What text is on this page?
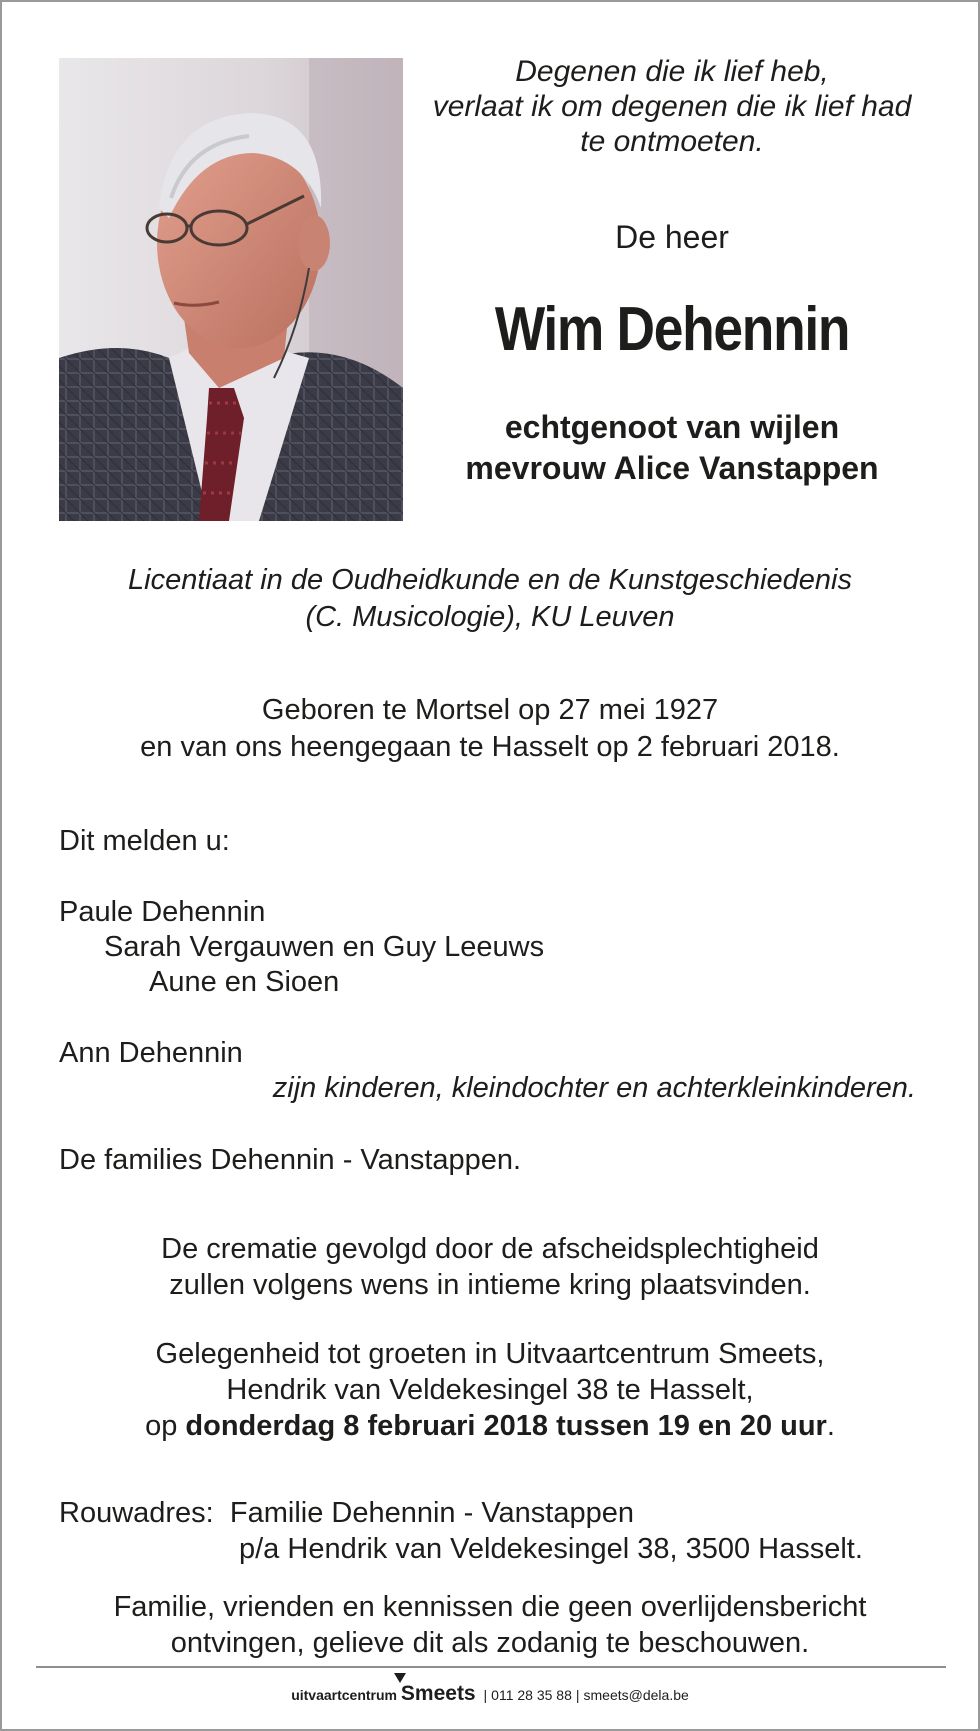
Degenen die ik lief heb,
verlaat ik om degenen die ik lief had
te ontmoeten.
De heer
Wim Dehennin
echtgenoot van wijlen
mevrouw Alice Vanstappen
Licentiaat in de Oudheidkunde en de Kunstgeschiedenis
(C. Musicologie), KU Leuven
Geboren te Mortsel op 27 mei 1927
en van ons heengegaan te Hasselt op 2 februari 2018.
Dit melden u:
Paule Dehennin
Sarah Vergauwen en Guy Leeuws
Aune en Sioen
Ann Dehennin
zijn kinderen, kleindochter en achterkleinkinderen.
De families Dehennin - Vanstappen.
De crematie gevolgd door de afscheidsplechtigheid
zullen volgens wens in intieme kring plaatsvinden.
Gelegenheid tot groeten in Uitvaartcentrum Smeets,
Hendrik van Veldekesingel 38 te Hasselt,
op donderdag 8 februari 2018 tussen 19 en 20 uur.
Rouwadres: Familie Dehennin - Vanstappen
p/a Hendrik van Veldekesingel 38, 3500 Hasselt.
Familie, vrienden en kennissen die geen overlijdensbericht
ontvingen, gelieve dit als zodanig te beschouwen.
uitvaartcentrum Smeets | 011 28 35 88 | smeets@dela.be
